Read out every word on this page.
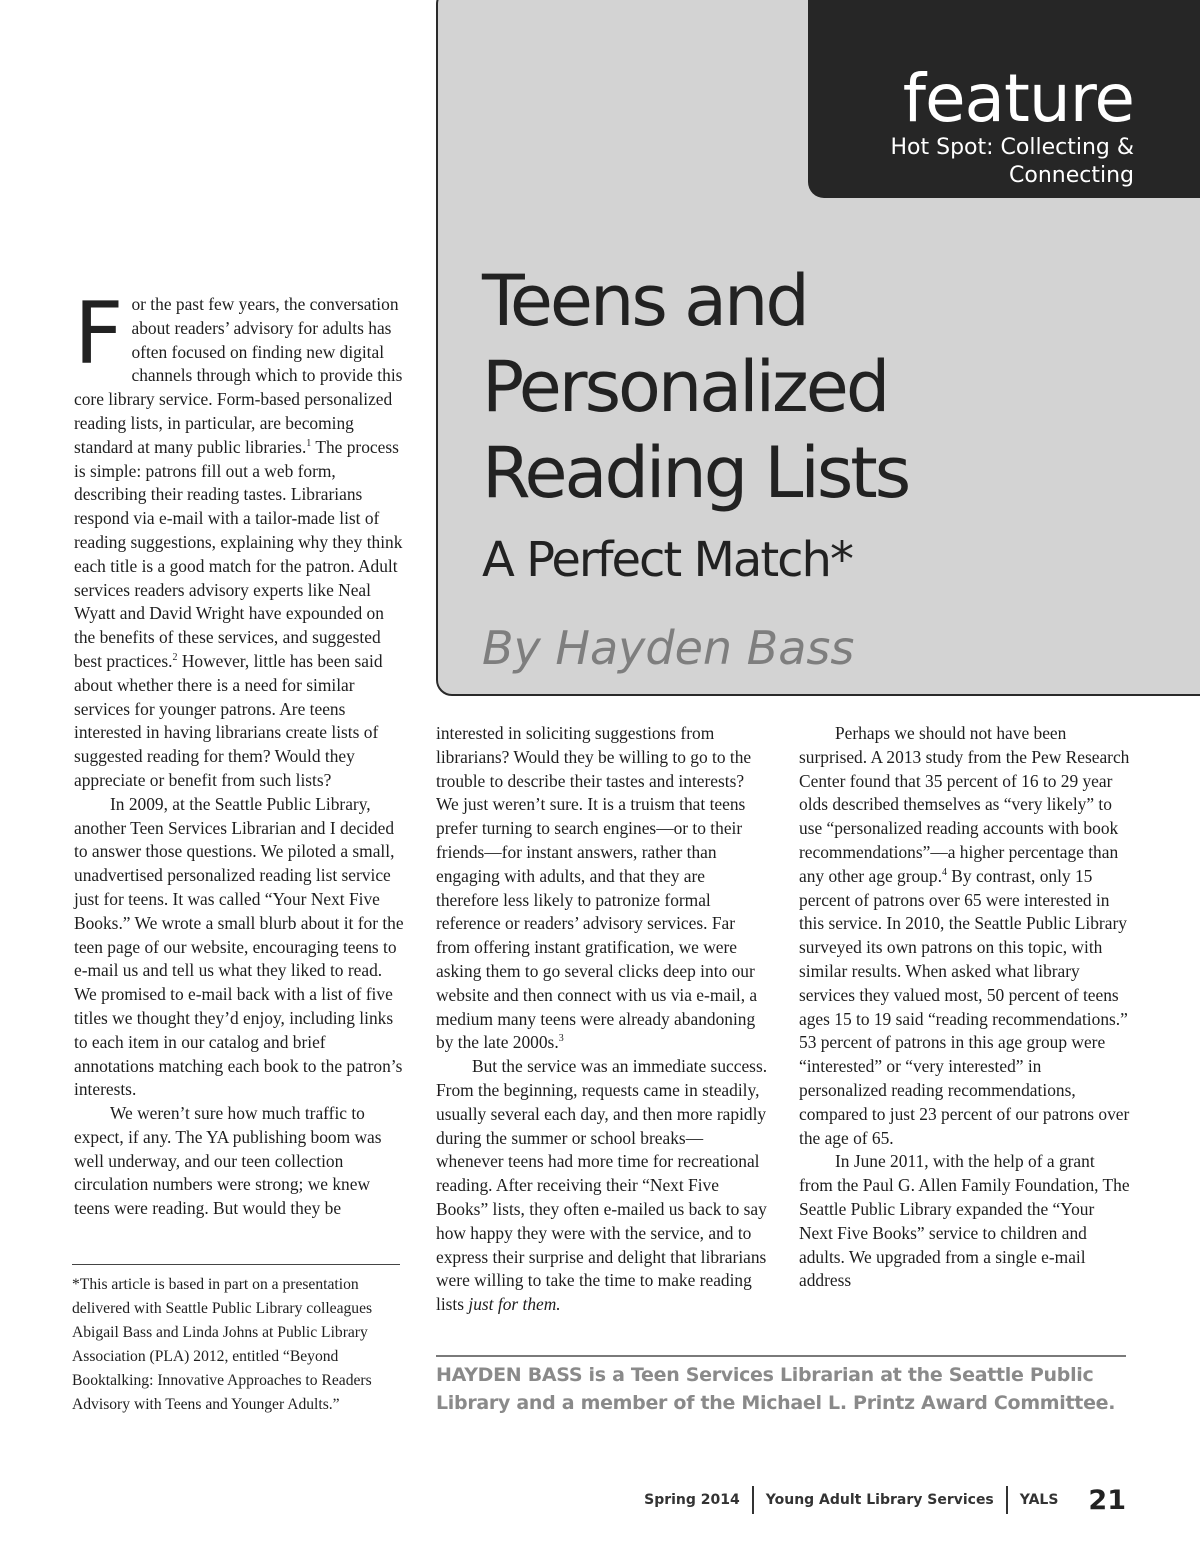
feature
Hot Spot: Collecting &
Connecting
Teens and
Personalized
Reading Lists
A Perfect Match*
By Hayden Bass

For the past few years, the conversation about readers’ advisory for adults has often focused on finding new digital channels through which to provide this core library service. Form-based personalized reading lists, in particular, are becoming standard at many public libraries.$^1$ The process is simple: patrons fill out a web form, describing their reading tastes. Librarians respond via e-mail with a tailor-made list of reading suggestions, explaining why they think each title is a good match for the patron. Adult services readers advisory experts like Neal Wyatt and David Wright have expounded on the benefits of these services, and suggested best practices.$^2$ However, little has been said about whether there is a need for similar services for younger patrons. Are teens interested in having librarians create lists of suggested reading for them? Would they appreciate or benefit from such lists?

In 2009, at the Seattle Public Library, another Teen Services Librarian and I decided to answer those questions. We piloted a small, unadvertised personalized reading list service just for teens. It was called “Your Next Five Books.” We wrote a small blurb about it for the teen page of our website, encouraging teens to e-mail us and tell us what they liked to read. We promised to e-mail back with a list of five titles we thought they’d enjoy, including links to each item in our catalog and brief annotations matching each book to the patron’s interests.

We weren’t sure how much traffic to expect, if any. The YA publishing boom was well underway, and our teen collection circulation numbers were strong; we knew teens were reading. But would they be

interested in soliciting suggestions from librarians? Would they be willing to go to the trouble to describe their tastes and interests? We just weren’t sure. It is a truism that teens prefer turning to search engines—or to their friends—for instant answers, rather than engaging with adults, and that they are therefore less likely to patronize formal reference or readers’ advisory services. Far from offering instant gratification, we were asking them to go several clicks deep into our website and then connect with us via e-mail, a medium many teens were already abandoning by the late 2000s.$^3$

But the service was an immediate success. From the beginning, requests came in steadily, usually several each day, and then more rapidly during the summer or school breaks—whenever teens had more time for recreational reading. After receiving their “Next Five Books” lists, they often e-mailed us back to say how happy they were with the service, and to express their surprise and delight that librarians were willing to take the time to make reading lists just for them.

Perhaps we should not have been surprised. A 2013 study from the Pew Research Center found that 35 percent of 16 to 29 year olds described themselves as “very likely” to use “personalized reading accounts with book recommendations”—a higher percentage than any other age group.$^4$ By contrast, only 15 percent of patrons over 65 were interested in this service. In 2010, the Seattle Public Library surveyed its own patrons on this topic, with similar results. When asked what library services they valued most, 50 percent of teens ages 15 to 19 said “reading recommendations.” 53 percent of patrons in this age group were “interested” or “very interested” in personalized reading recommendations, compared to just 23 percent of our patrons over the age of 65.

In June 2011, with the help of a grant from the Paul G. Allen Family Foundation, The Seattle Public Library expanded the “Your Next Five Books” service to children and adults. We upgraded from a single e-mail address

*This article is based in part on a presentation delivered with Seattle Public Library colleagues Abigail Bass and Linda Johns at Public Library Association (PLA) 2012, entitled “Beyond Booktalking: Innovative Approaches to Readers Advisory with Teens and Younger Adults.”
HAYDEN BASS is a Teen Services Librarian at the Seattle Public Library and a member of the Michael L. Printz Award Committee.
Spring 2014 Young Adult Library Services YALS 21
